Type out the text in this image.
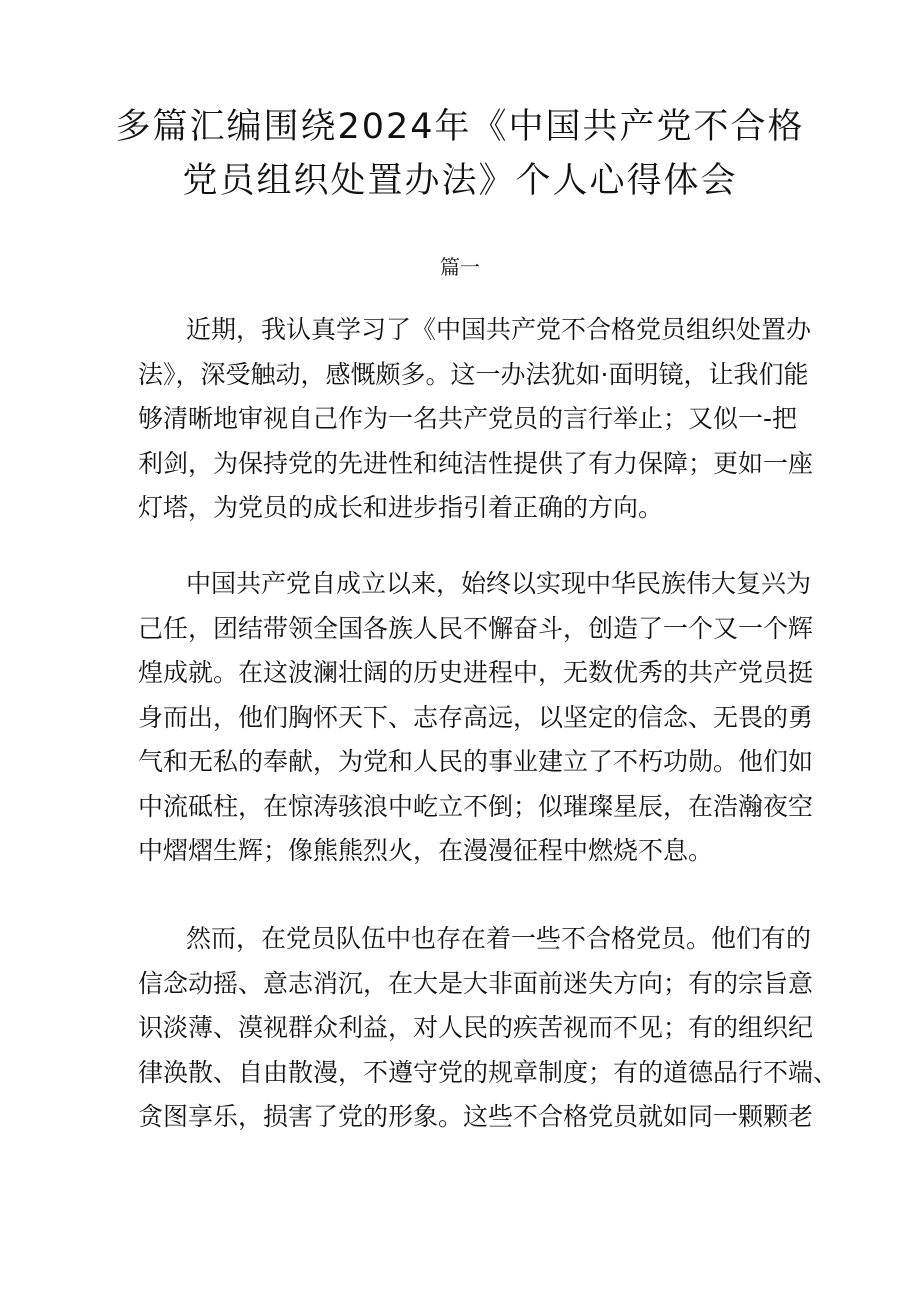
多篇汇编围绕2024年《中国共产党不合格
党员组织处置办法》个人心得体会

篇一

近期，我认真学习了《中国共产党不合格党员组织处置办
法》，深受触动，感慨颇多。这一办法犹如·面明镜，让我们能
够清晰地审视自己作为一名共产党员的言行举止；又似一-把
利剑，为保持党的先进性和纯洁性提供了有力保障；更如一座
灯塔，为党员的成长和进步指引着正确的方向。

中国共产党自成立以来，始终以实现中华民族伟大复兴为
己任，团结带领全国各族人民不懈奋斗，创造了一个又一个辉
煌成就。在这波澜壮阔的历史进程中，无数优秀的共产党员挺
身而出，他们胸怀天下、志存高远，以坚定的信念、无畏的勇
气和无私的奉献，为党和人民的事业建立了不朽功勋。他们如
中流砥柱，在惊涛骇浪中屹立不倒；似璀璨星辰，在浩瀚夜空
中熠熠生辉；像熊熊烈火，在漫漫征程中燃烧不息。

然而，在党员队伍中也存在着一些不合格党员。他们有的
信念动摇、意志消沉，在大是大非面前迷失方向；有的宗旨意
识淡薄、漠视群众利益，对人民的疾苦视而不见；有的组织纪
律涣散、自由散漫，不遵守党的规章制度；有的道德品行不端、
贪图享乐，损害了党的形象。这些不合格党员就如同一颗颗老
